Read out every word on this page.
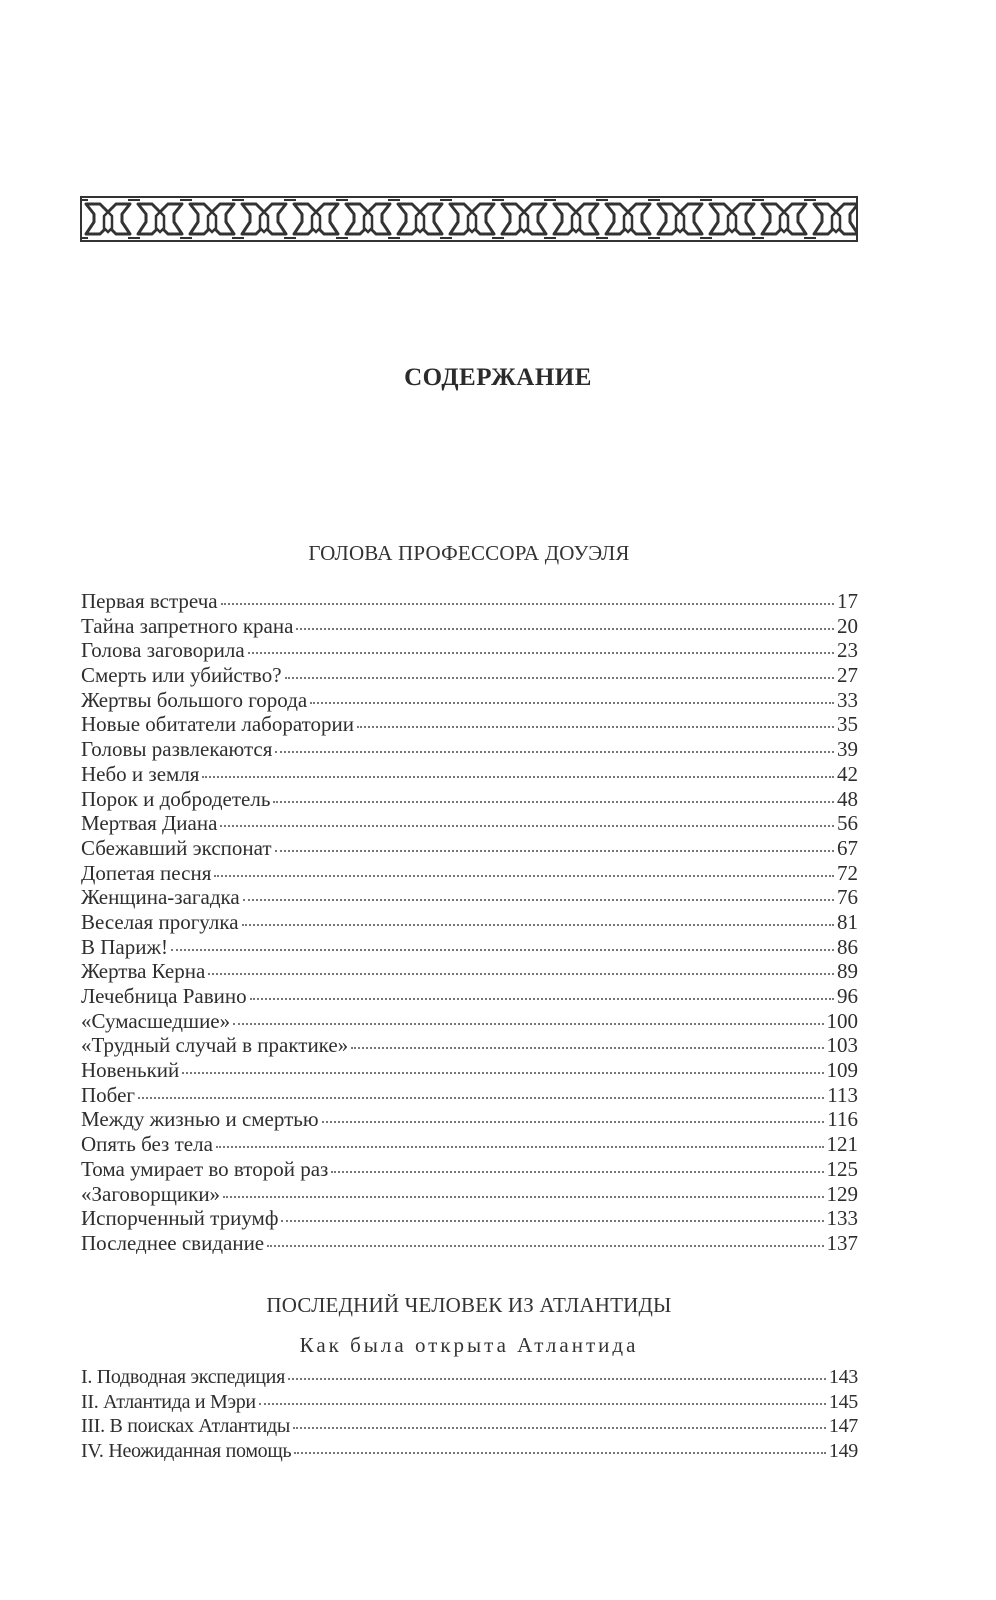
СОДЕРЖАНИЕ
ГОЛОВА ПРОФЕССОРА ДОУЭЛЯ
Первая встреча	17
Тайна запретного крана	20
Голова заговорила	23
Смерть или убийство?	27
Жертвы большого города	33
Новые обитатели лаборатории	35
Головы развлекаются	39
Небо и земля	42
Порок и добродетель	48
Мертвая Диана	56
Сбежавший экспонат	67
Допетая песня	72
Женщина-загадка	76
Веселая прогулка	81
В Париж!	86
Жертва Керна	89
Лечебница Равино	96
«Сумасшедшие»	100
«Трудный случай в практике»	103
Новенький	109
Побег	113
Между жизнью и смертью	116
Опять без тела	121
Тома умирает во второй раз	125
«Заговорщики»	129
Испорченный триумф	133
Последнее свидание	137
ПОСЛЕДНИЙ ЧЕЛОВЕК ИЗ АТЛАНТИДЫ
Как была открыта Атлантида
I. Подводная экспедиция	143
II. Атлантида и Мэри	145
III. В поисках Атлантиды	147
IV. Неожиданная помощь	149
